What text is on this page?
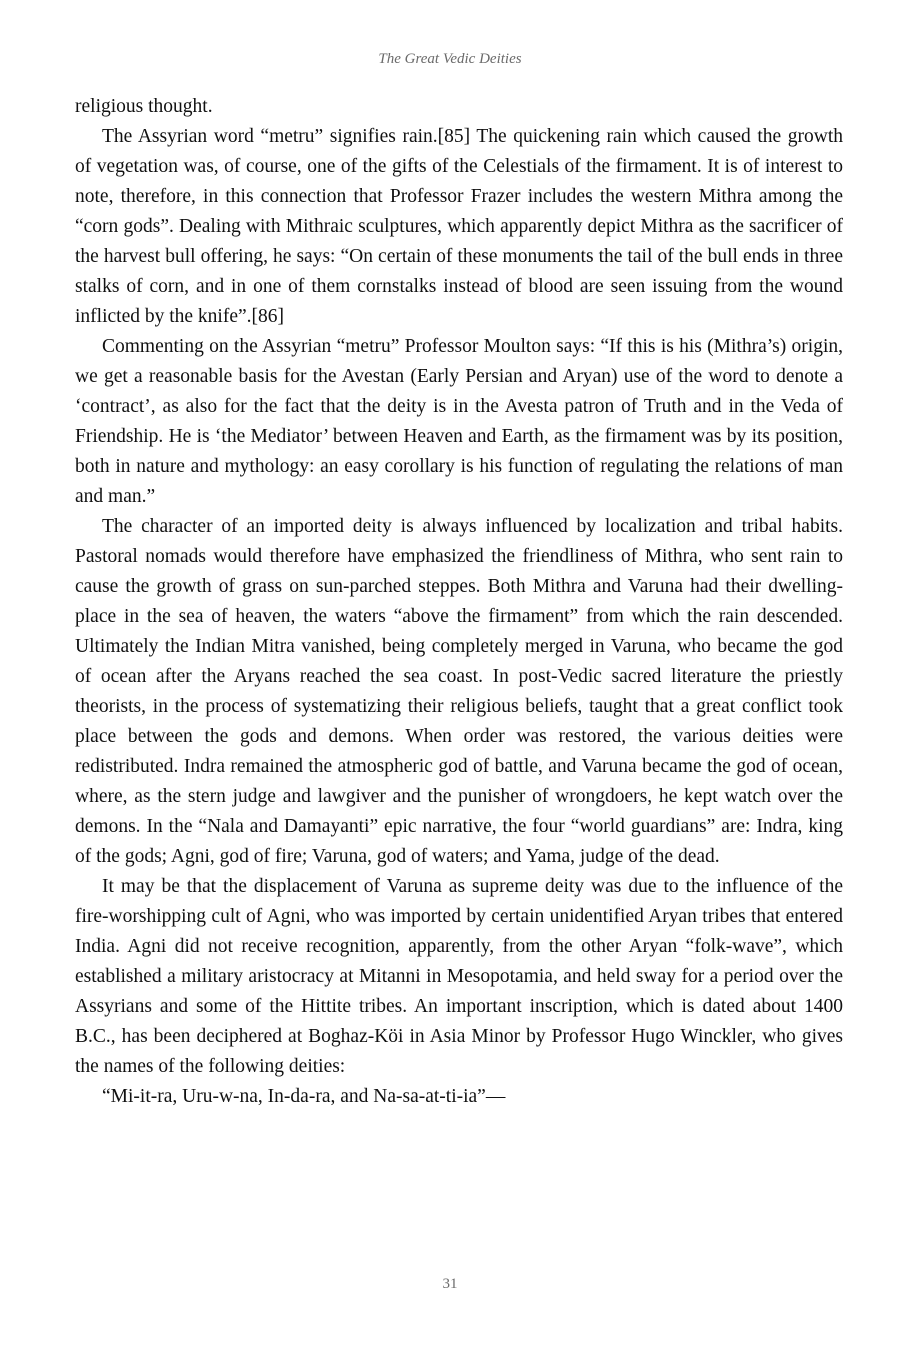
The Great Vedic Deities

religious thought.

The Assyrian word “metru” signifies rain.[85] The quickening rain which caused the growth of vegetation was, of course, one of the gifts of the Celestials of the firmament. It is of interest to note, therefore, in this connection that Professor Frazer includes the western Mithra among the “corn gods”. Dealing with Mithraic sculptures, which apparently depict Mithra as the sacrificer of the harvest bull offering, he says: “On certain of these monuments the tail of the bull ends in three stalks of corn, and in one of them cornstalks instead of blood are seen issuing from the wound inflicted by the knife”.[86]

Commenting on the Assyrian “metru” Professor Moulton says: “If this is his (Mithra’s) origin, we get a reasonable basis for the Avestan (Early Persian and Aryan) use of the word to denote a ‘contract’, as also for the fact that the deity is in the Avesta patron of Truth and in the Veda of Friendship. He is ‘the Mediator’ between Heaven and Earth, as the firmament was by its position, both in nature and mythology: an easy corollary is his function of regulating the relations of man and man.”

The character of an imported deity is always influenced by localization and tribal habits. Pastoral nomads would therefore have emphasized the friendliness of Mithra, who sent rain to cause the growth of grass on sun-parched steppes. Both Mithra and Varuna had their dwelling-place in the sea of heaven, the waters “above the firmament” from which the rain descended. Ultimately the Indian Mitra vanished, being completely merged in Varuna, who became the god of ocean after the Aryans reached the sea coast. In post-Vedic sacred literature the priestly theorists, in the process of systematizing their religious beliefs, taught that a great conflict took place between the gods and demons. When order was restored, the various deities were redistributed. Indra remained the atmospheric god of battle, and Varuna became the god of ocean, where, as the stern judge and lawgiver and the punisher of wrongdoers, he kept watch over the demons. In the “Nala and Damayanti” epic narrative, the four “world guardians” are: Indra, king of the gods; Agni, god of fire; Varuna, god of waters; and Yama, judge of the dead.

It may be that the displacement of Varuna as supreme deity was due to the influence of the fire-worshipping cult of Agni, who was imported by certain unidentified Aryan tribes that entered India. Agni did not receive recognition, apparently, from the other Aryan “folk-wave”, which established a military aristocracy at Mitanni in Mesopotamia, and held sway for a period over the Assyrians and some of the Hittite tribes. An important inscription, which is dated about 1400 B.C., has been deciphered at Boghaz-Köi in Asia Minor by Professor Hugo Winckler, who gives the names of the following deities:

“Mi-it-ra, Uru-w-na, In-da-ra, and Na-sa-at-ti-ia”—

31
